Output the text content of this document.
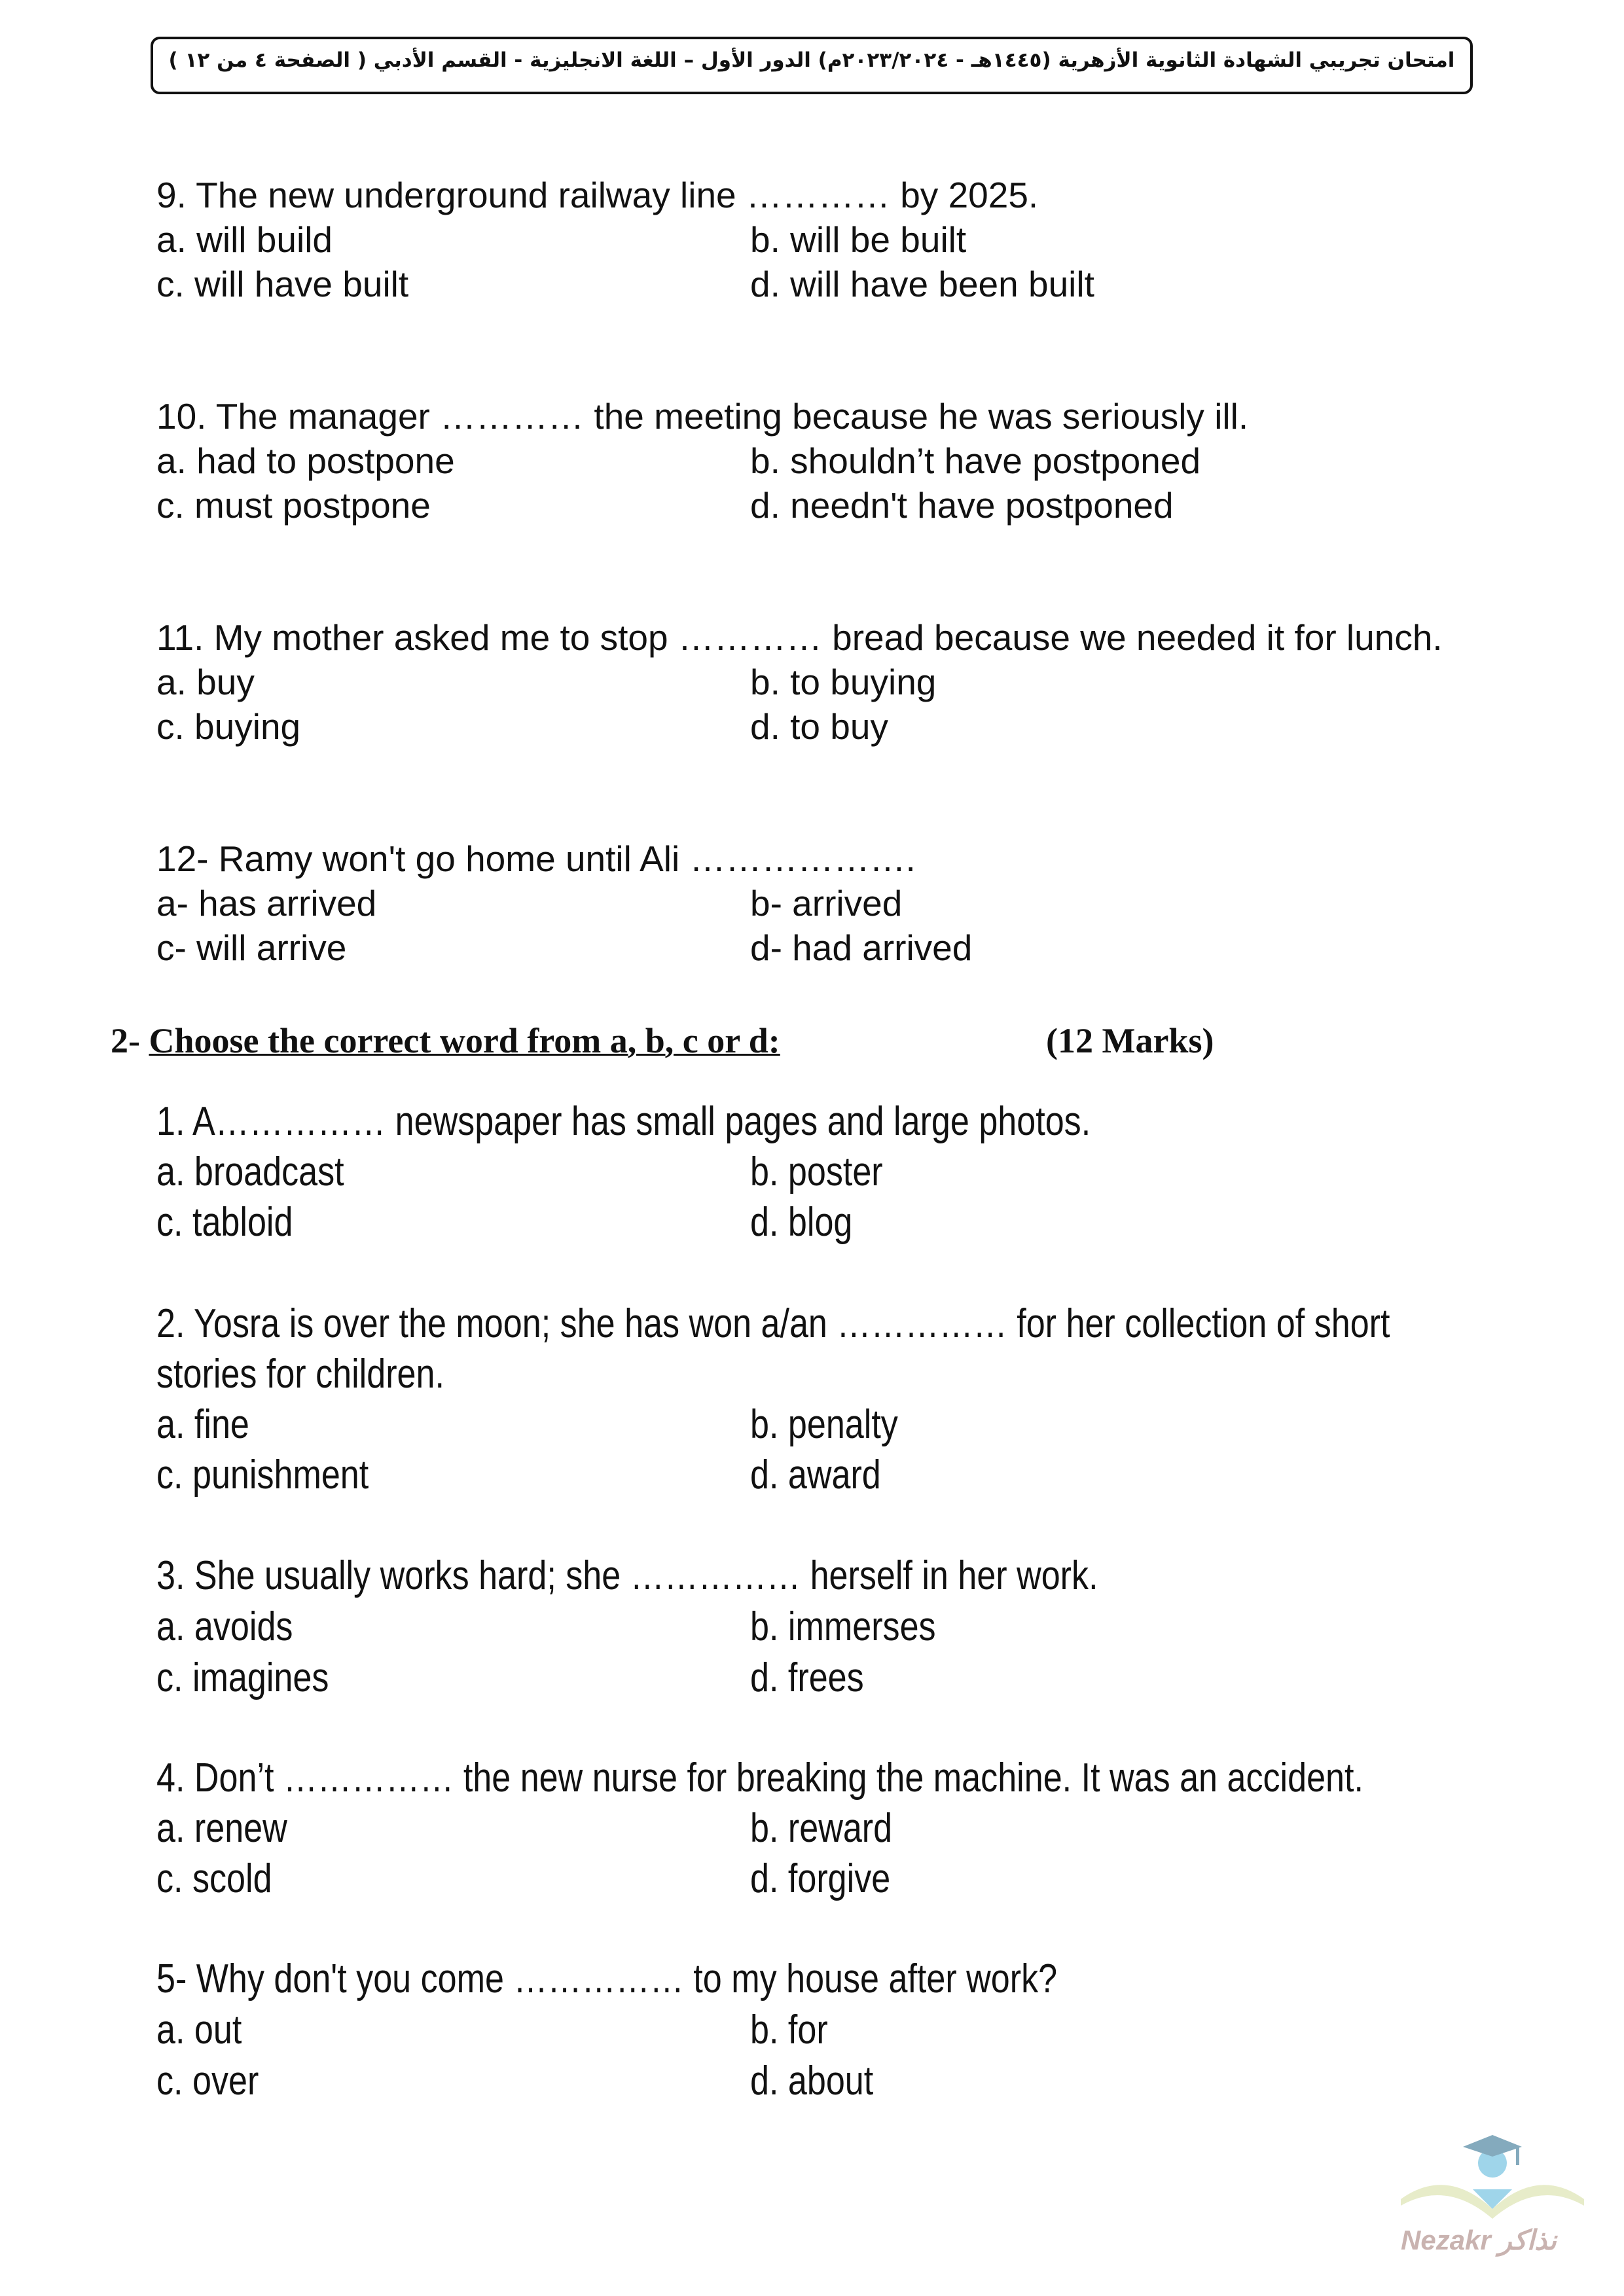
امتحان تجريبي الشهادة الثانوية الأزهرية (١٤٤٥هـ - ٢٠٢٣/٢٠٢٤م) الدور الأول – اللغة الانجليزية - القسم الأدبي ( الصفحة ٤ من ١٢ )
9. The new underground railway line ………… by 2025.
a. will build	b. will be built
c. will have built	d. will have been built
10. The manager ………… the meeting because he was seriously ill.
a. had to postpone	b. shouldn’t have postponed
c. must postpone	d. needn't have postponed
11. My mother asked me to stop ………… bread because we needed it for lunch.
a. buy	b. to buying
c. buying	d. to buy
12- Ramy won't go home until Ali ……………….
a- has arrived	b- arrived
c- will arrive	d- had arrived
2- Choose the correct word from a, b, c or d:	(12 Marks)
1. A…………… newspaper has small pages and large photos.
a. broadcast	b. poster
c. tabloid	d. blog
2. Yosra is over the moon; she has won a/an …………… for her collection of short
stories for children.
a. fine	b. penalty
c. punishment	d. award
3. She usually works hard; she …………… herself in her work.
a. avoids	b. immerses
c. imagines	d. frees
4. Don’t …………… the new nurse for breaking the machine. It was an accident.
a. renew	b. reward
c. scold	d. forgive
5- Why don't you come …………… to my house after work?
a. out	b. for
c. over	d. about
Nezakr نذاكر
